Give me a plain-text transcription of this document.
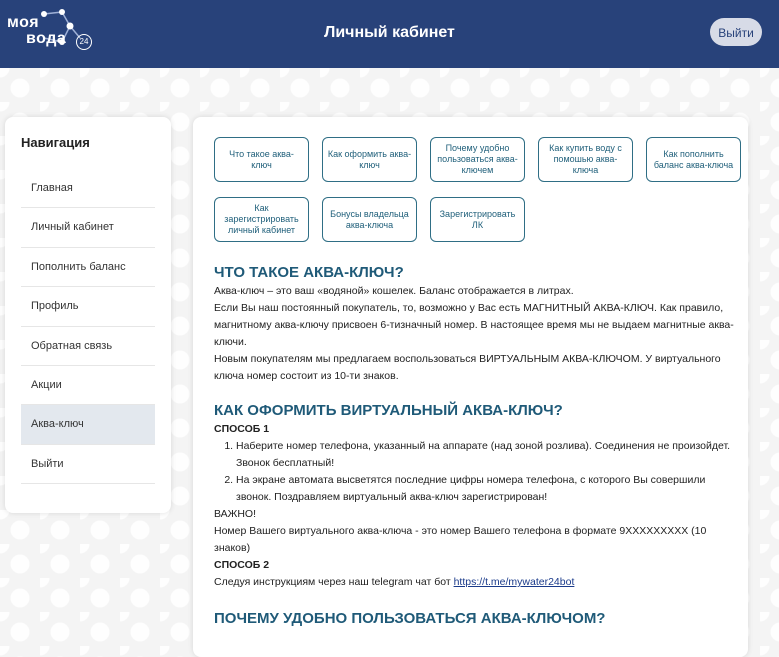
моя
вода	24
Личный кабинет	Выйти
Навигация
Главная
Личный кабинет
Пополнить баланс
Профиль
Обратная связь
Акции
Аква-ключ
Выйти
Что такое аква-ключ
Как оформить аква-ключ
Почему удобно пользоваться аква-ключем
Как купить воду с помошью аква-ключа
Как пополнить баланс аква-ключа
Как зарегистрировать личный кабинет
Бонусы владельца аква-ключа
Зарегистрировать ЛК
ЧТО ТАКОЕ АКВА-КЛЮЧ?

Аква-ключ – это ваш «водяной» кошелек. Баланс отображается в литрах.

Если Вы наш постоянный покупатель, то, возможно у Вас есть МАГНИТНЫЙ АКВА-КЛЮЧ. Как правило, магнитному аква-ключу присвоен 6-тизначный номер. В настоящее время мы не выдаем магнитные аква-ключи.

Новым покупателям мы предлагаем воспользоваться ВИРТУАЛЬНЫМ АКВА-КЛЮЧОМ. У виртуального ключа номер состоит из 10-ти знаков.

КАК ОФОРМИТЬ ВИРТУАЛЬНЫЙ АКВА-КЛЮЧ?
СПОСОБ 1
1. Наберите номер телефона, указанный на аппарате (над зоной розлива). Соединения не произойдет. Звонок бесплатный!
2. На экране автомата высветятся последние цифры номера телефона, с которого Вы совершили звонок. Поздравляем виртуальный аква-ключ зарегистрирован!

ВАЖНО!

Номер Вашего виртуального аква-ключа - это номер Вашего телефона в формате 9XXXXXXXXX (10 знаков)

СПОСОБ 2

Следуя инструкциям через наш telegram чат бот https://t.me/mywater24bot

ПОЧЕМУ УДОБНО ПОЛЬЗОВАТЬСЯ АКВА-КЛЮЧОМ?
